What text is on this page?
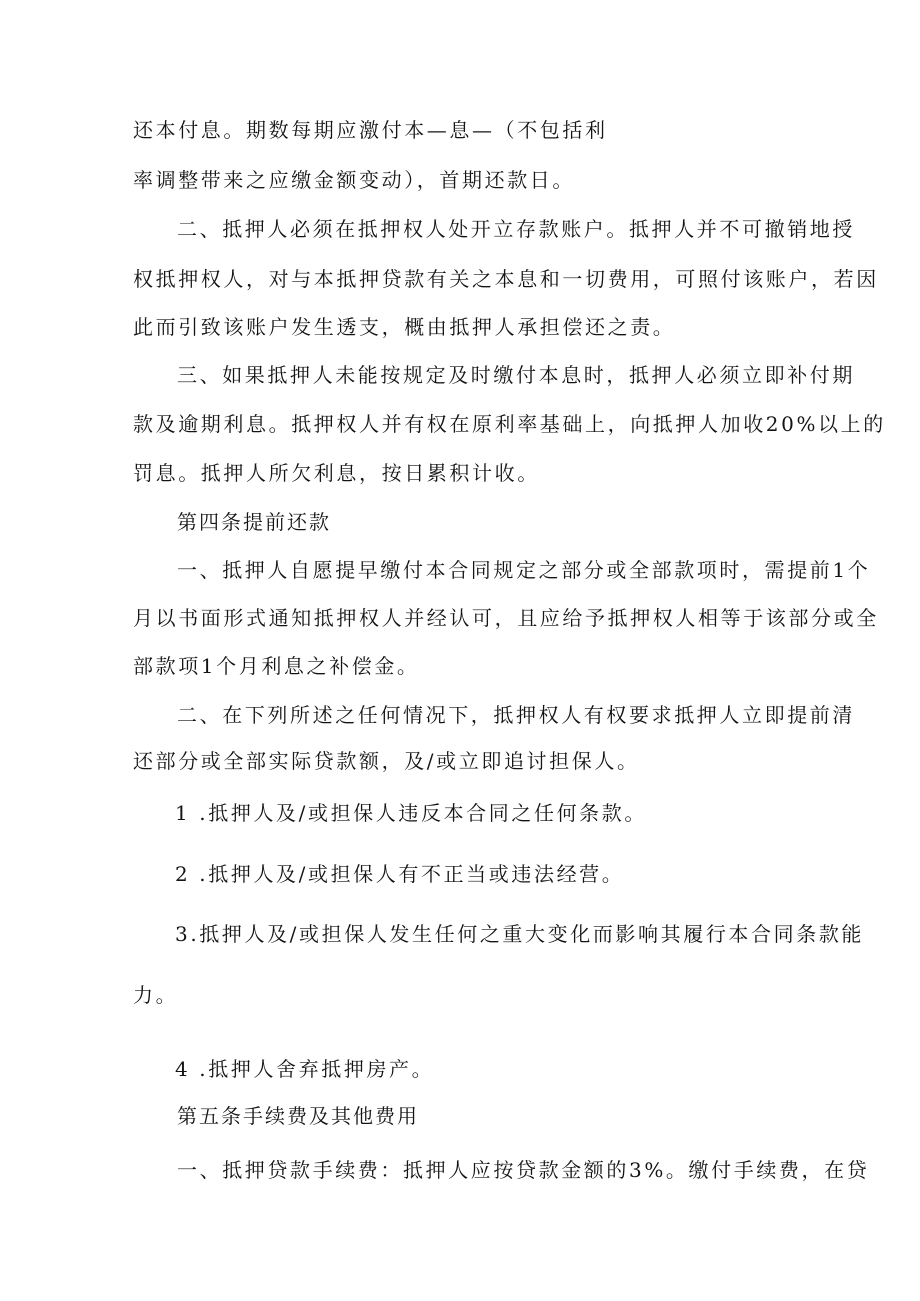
还本付息。期数每期应激付本—息—（不包括利
率调整带来之应缴金额变动），首期还款日。
二、抵押人必须在抵押权人处开立存款账户。抵押人并不可撤销地授
权抵押权人，对与本抵押贷款有关之本息和一切费用，可照付该账户，若因
此而引致该账户发生透支，概由抵押人承担偿还之责。
三、如果抵押人未能按规定及时缴付本息时，抵押人必须立即补付期
款及逾期利息。抵押权人并有权在原利率基础上，向抵押人加收20%以上的
罚息。抵押人所欠利息，按日累积计收。
第四条提前还款
一、抵押人自愿提早缴付本合同规定之部分或全部款项时，需提前1个
月以书面形式通知抵押权人并经认可，且应给予抵押权人相等于该部分或全
部款项1个月利息之补偿金。
二、在下列所述之任何情况下，抵押权人有权要求抵押人立即提前清
还部分或全部实际贷款额，及/或立即追讨担保人。
1 .抵押人及/或担保人违反本合同之任何条款。
2 .抵押人及/或担保人有不正当或违法经营。
3.抵押人及/或担保人发生任何之重大变化而影响其履行本合同条款能
力。
4 .抵押人舍弃抵押房产。
第五条手续费及其他费用
一、抵押贷款手续费：抵押人应按贷款金额的3%。缴付手续费，在贷
